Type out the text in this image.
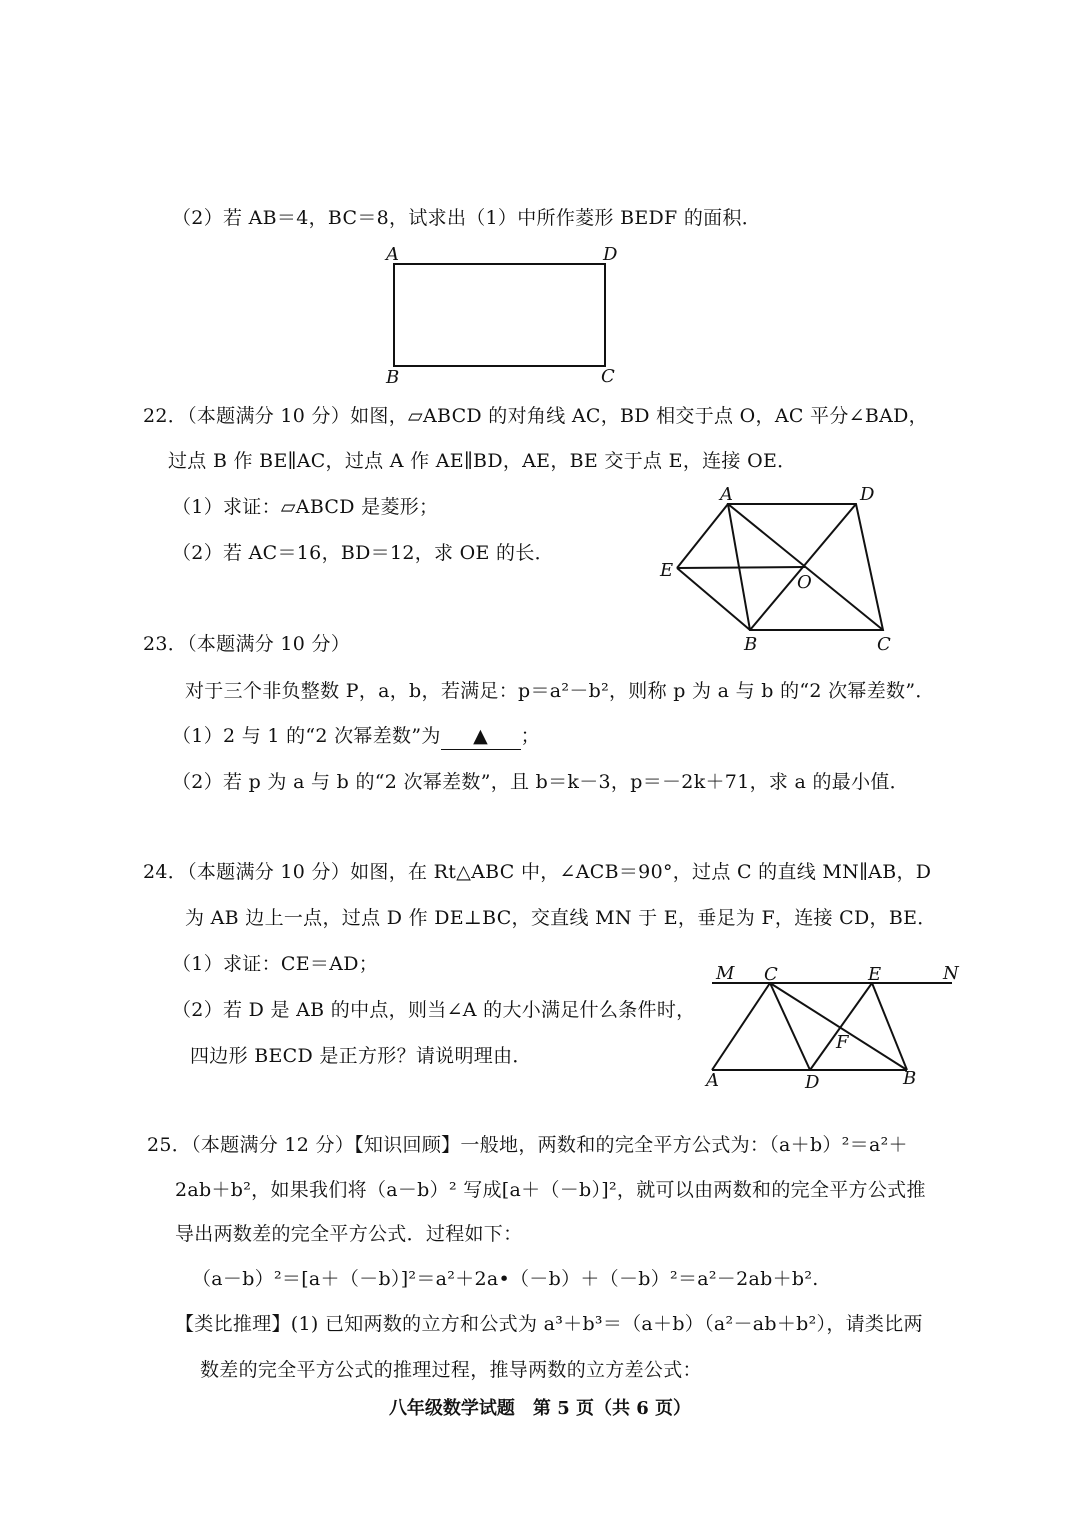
（2）若 AB＝4，BC＝8，试求出（1）中所作菱形 BEDF 的面积．
A	D
B	C
22．（本题满分 10 分）如图，▱ABCD 的对角线 AC，BD 相交于点 O，AC 平分∠BAD，
过点 B 作 BE∥AC，过点 A 作 AE∥BD，AE，BE 交于点 E，连接 OE．
（1）求证：▱ABCD 是菱形；
（2）若 AC＝16，BD＝12，求 OE 的长．
A	D
E
O
B	C
23．（本题满分 10 分）
对于三个非负整数 P，a，b，若满足：p＝a²－b²，则称 p 为 a 与 b 的“2 次幂差数”．
（1）2 与 1 的“2 次幂差数”为 ▲ ；
（2）若 p 为 a 与 b 的“2 次幂差数”，且 b＝k－3，p＝－2k＋71，求 a 的最小值．
24．（本题满分 10 分）如图，在 Rt△ABC 中，∠ACB＝90°，过点 C 的直线 MN∥AB，D
为 AB 边上一点，过点 D 作 DE⊥BC，交直线 MN 于 E，垂足为 F，连接 CD，BE．
（1）求证：CE＝AD；
（2）若 D 是 AB 的中点，则当∠A 的大小满足什么条件时，
四边形 BECD 是正方形？请说明理由．
M C	E	N
F
A	D	B
25．（本题满分 12 分）【知识回顾】一般地，两数和的完全平方公式为：（a＋b）²＝a²＋
2ab＋b²，如果我们将（a－b）² 写成[a＋（－b）]²，就可以由两数和的完全平方公式推
导出两数差的完全平方公式．过程如下：
（a－b）²＝[a＋（－b）]²＝a²＋2a•（－b）＋（－b）²＝a²－2ab＋b².
【类比推理】(1) 已知两数的立方和公式为 a³＋b³＝（a＋b）（a²－ab＋b²），请类比两
数差的完全平方公式的推理过程，推导两数的立方差公式：
八年级数学试题　第 5 页（共 6 页）
